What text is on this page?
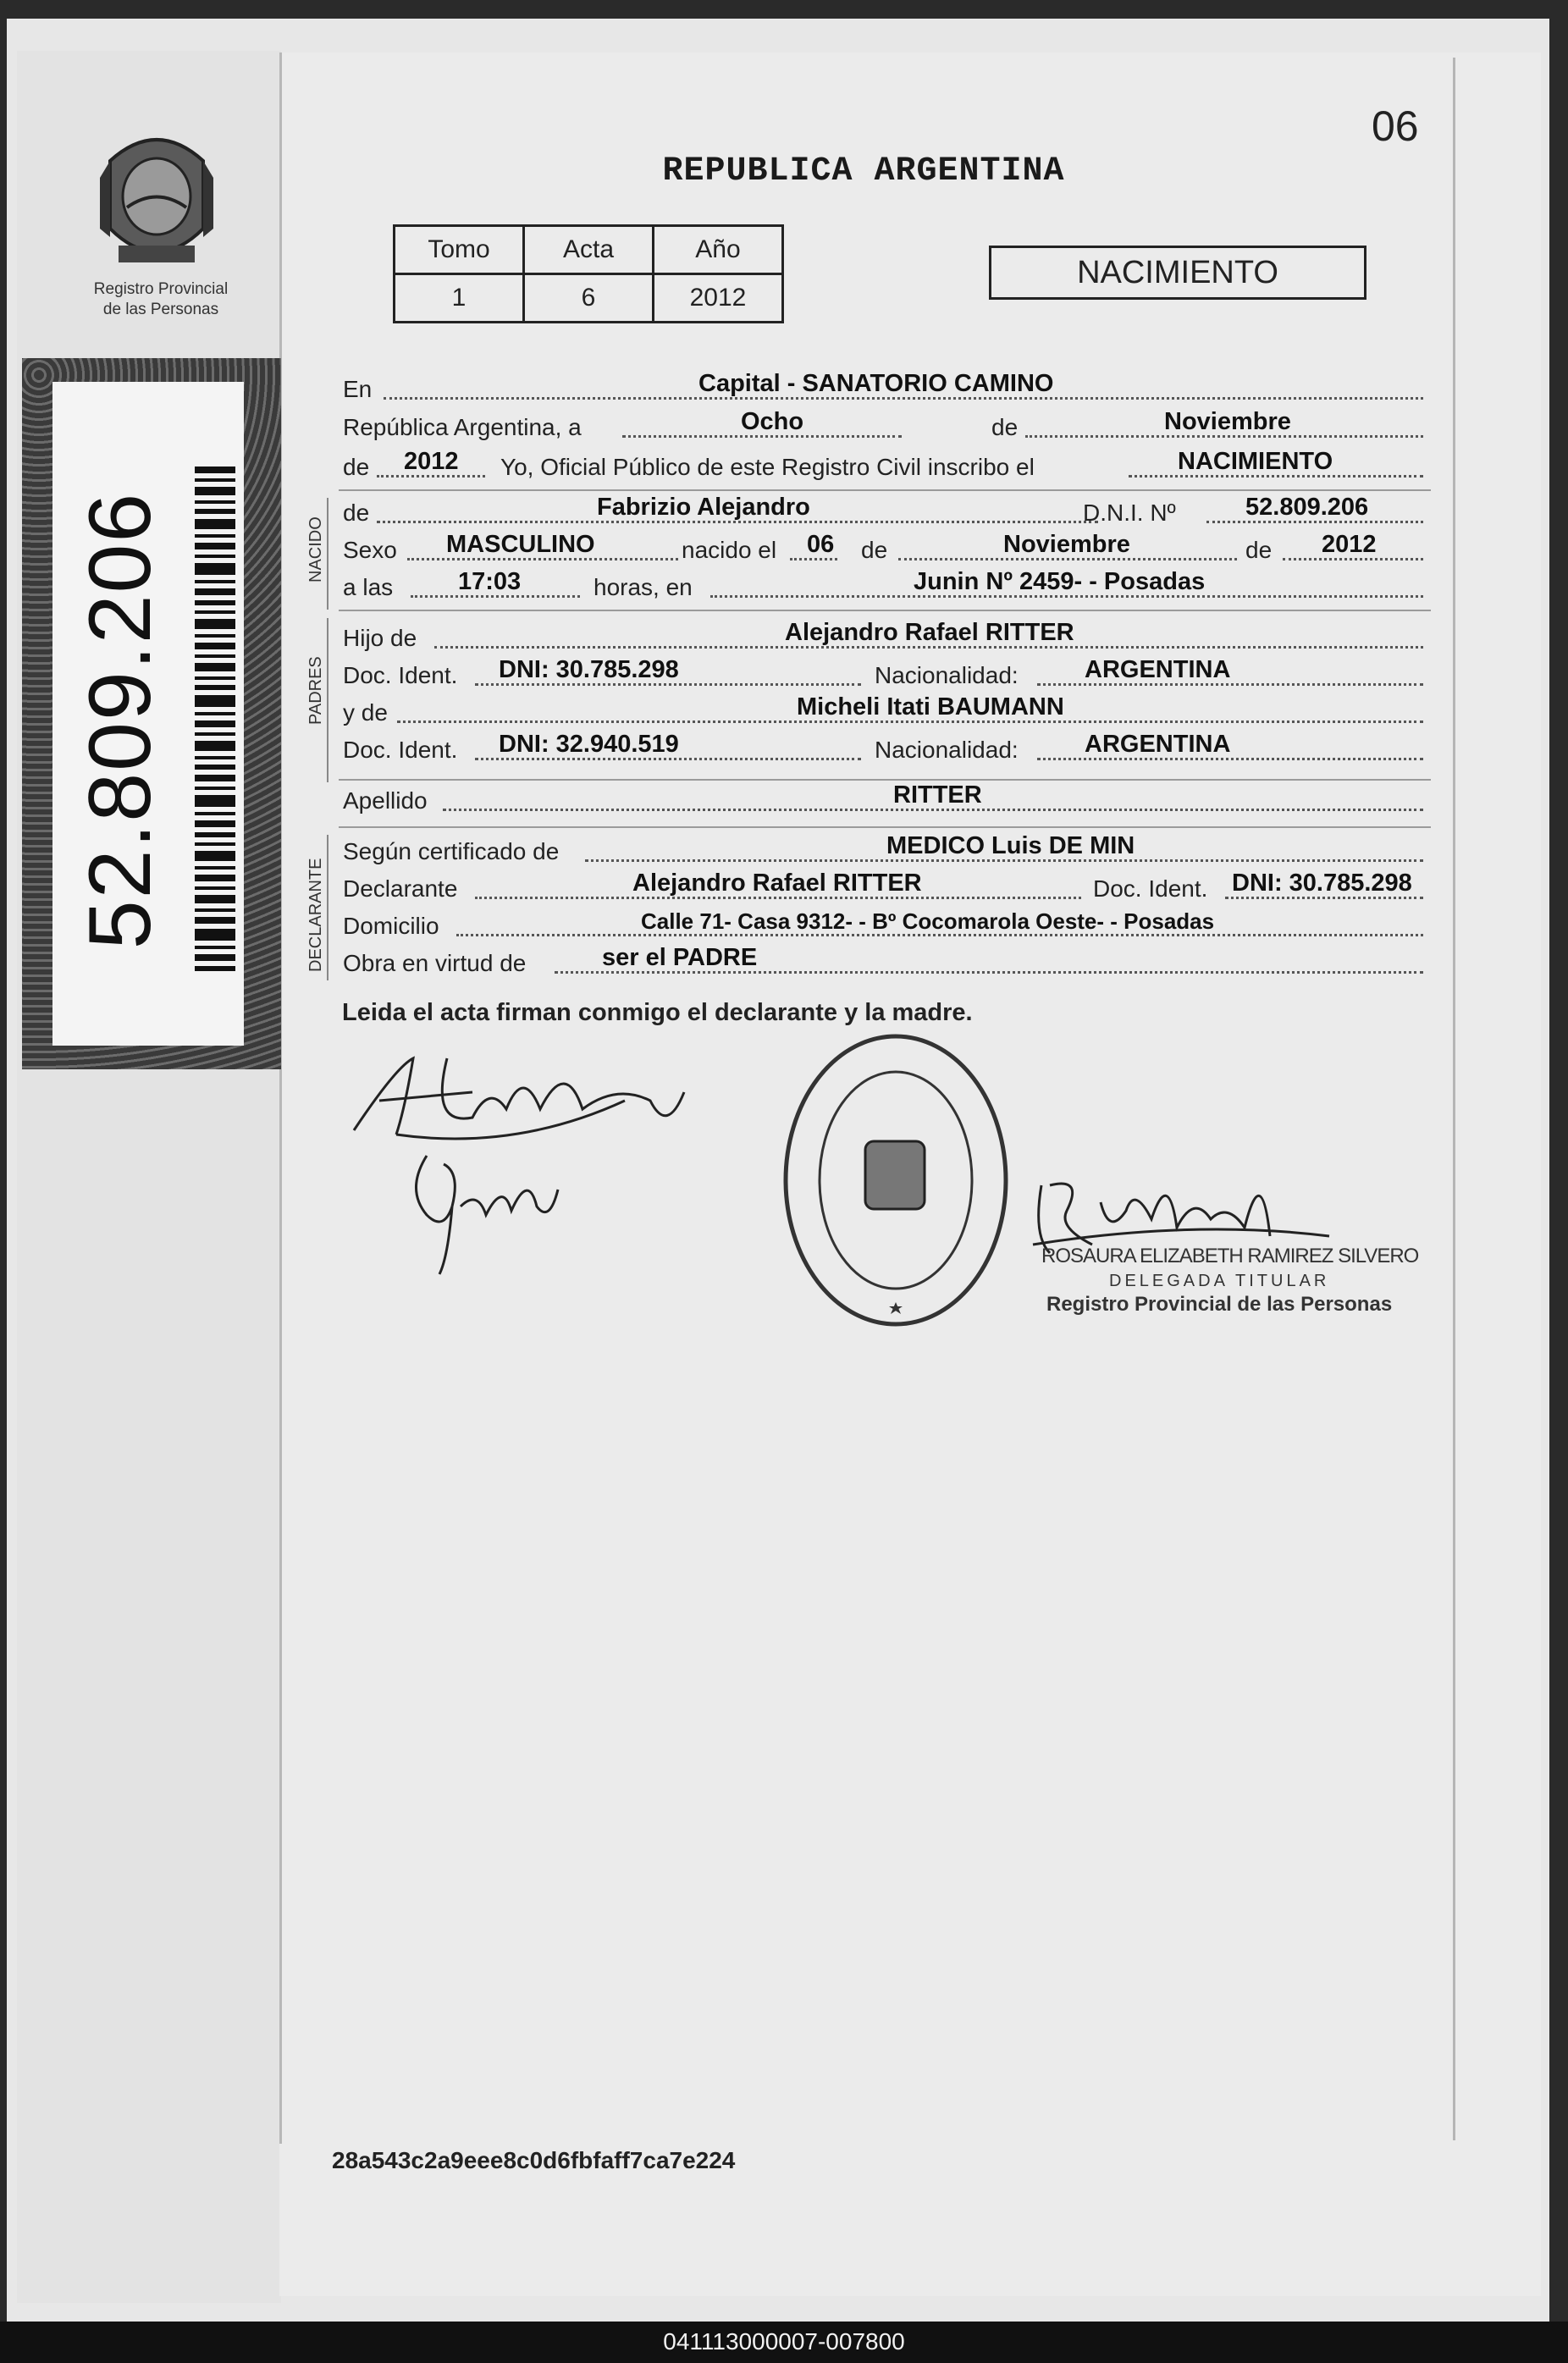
Registro Provincial
de las Personas
52.809.206
06
REPUBLICA ARGENTINA
Tomo	Acta	Año
1	6	2012
NACIMIENTO
En	Capital - SANATORIO CAMINO
República Argentina, a	Ocho	de	Noviembre
de 2012 Yo, Oficial Público de este Registro Civil inscribo el	NACIMIENTO
NACIDO
de	Fabrizio Alejandro	D.N.I. Nº	52.809.206
Sexo MASCULINO	nacido el 06 de	Noviembre	de 2012
a las	17:03	horas, en	Junin Nº 2459- - Posadas
PADRES
Hijo de	Alejandro Rafael RITTER
Doc. Ident. DNI: 30.785.298	Nacionalidad:	ARGENTINA
y de	Micheli Itati BAUMANN
Doc. Ident. DNI: 32.940.519	Nacionalidad:	ARGENTINA
Apellido	RITTER
DECLARANTE
Según certificado de	MEDICO Luis DE MIN
Declarante	Alejandro Rafael RITTER	Doc. Ident. DNI: 30.785.298
Domicilio	Calle 71- Casa 9312- - Bº Cocomarola Oeste- - Posadas
Obra en virtud de	ser el PADRE
Leida el acta firman conmigo el declarante y la madre.
ROSAURA ELIZABETH RAMIREZ SILVERO
DELEGADA TITULAR
Registro Provincial de las Personas
28a543c2a9eee8c0d6fbfaff7ca7e224
041113000007-007800
